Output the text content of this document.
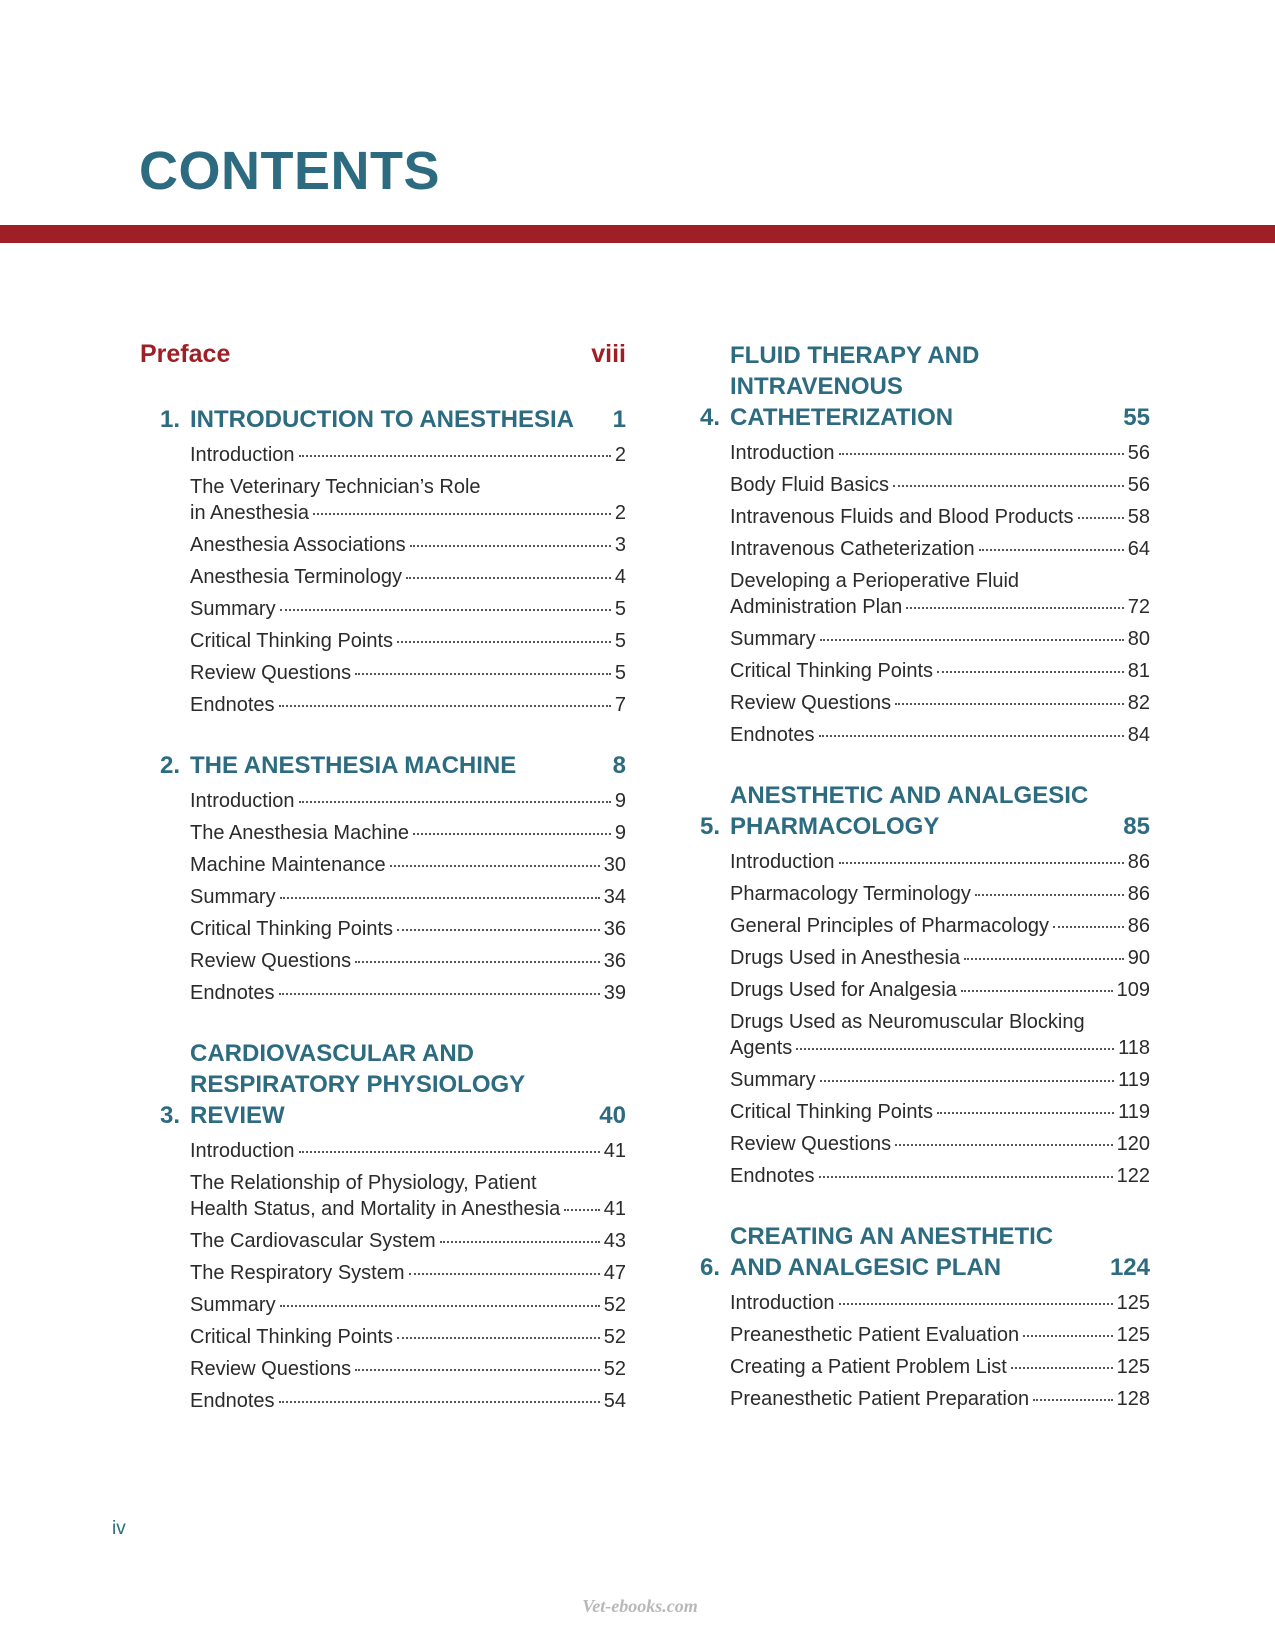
CONTENTS
Preface	viii
1. INTRODUCTION TO ANESTHESIA	1
Introduction	2
The Veterinary Technician’s Role
in Anesthesia	2
Anesthesia Associations	3
Anesthesia Terminology	4
Summary	5
Critical Thinking Points	5
Review Questions	5
Endnotes	7
2. THE ANESTHESIA MACHINE	8
Introduction	9
The Anesthesia Machine	9
Machine Maintenance	30
Summary	34
Critical Thinking Points	36
Review Questions	36
Endnotes	39
3.
CARDIOVASCULAR AND
RESPIRATORY PHYSIOLOGY REVIEW	40
Introduction	41
The Relationship of Physiology, Patient
Health Status, and Mortality in Anesthesia 41
The Cardiovascular System	43
The Respiratory System	47
Summary	52
Critical Thinking Points	52
Review Questions	52
Endnotes	54
4.
FLUID THERAPY AND INTRAVENOUS
CATHETERIZATION	55
Introduction	56
Body Fluid Basics	56
Intravenous Fluids and Blood Products	58
Intravenous Catheterization	64
Developing a Perioperative Fluid
Administration Plan	72
Summary	80
Critical Thinking Points	81
Review Questions	82
Endnotes	84
5.
ANESTHETIC AND ANALGESIC
PHARMACOLOGY	85
Introduction	86
Pharmacology Terminology	86
General Principles of Pharmacology	86
Drugs Used in Anesthesia	90
Drugs Used for Analgesia	109
Drugs Used as Neuromuscular Blocking
Agents	118
Summary	119
Critical Thinking Points	119
Review Questions	120
Endnotes	122
6.
CREATING AN ANESTHETIC
AND ANALGESIC PLAN	124
Introduction	125
Preanesthetic Patient Evaluation	125
Creating a Patient Problem List	125
Preanesthetic Patient Preparation	128
iv
Vet-ebooks.com
